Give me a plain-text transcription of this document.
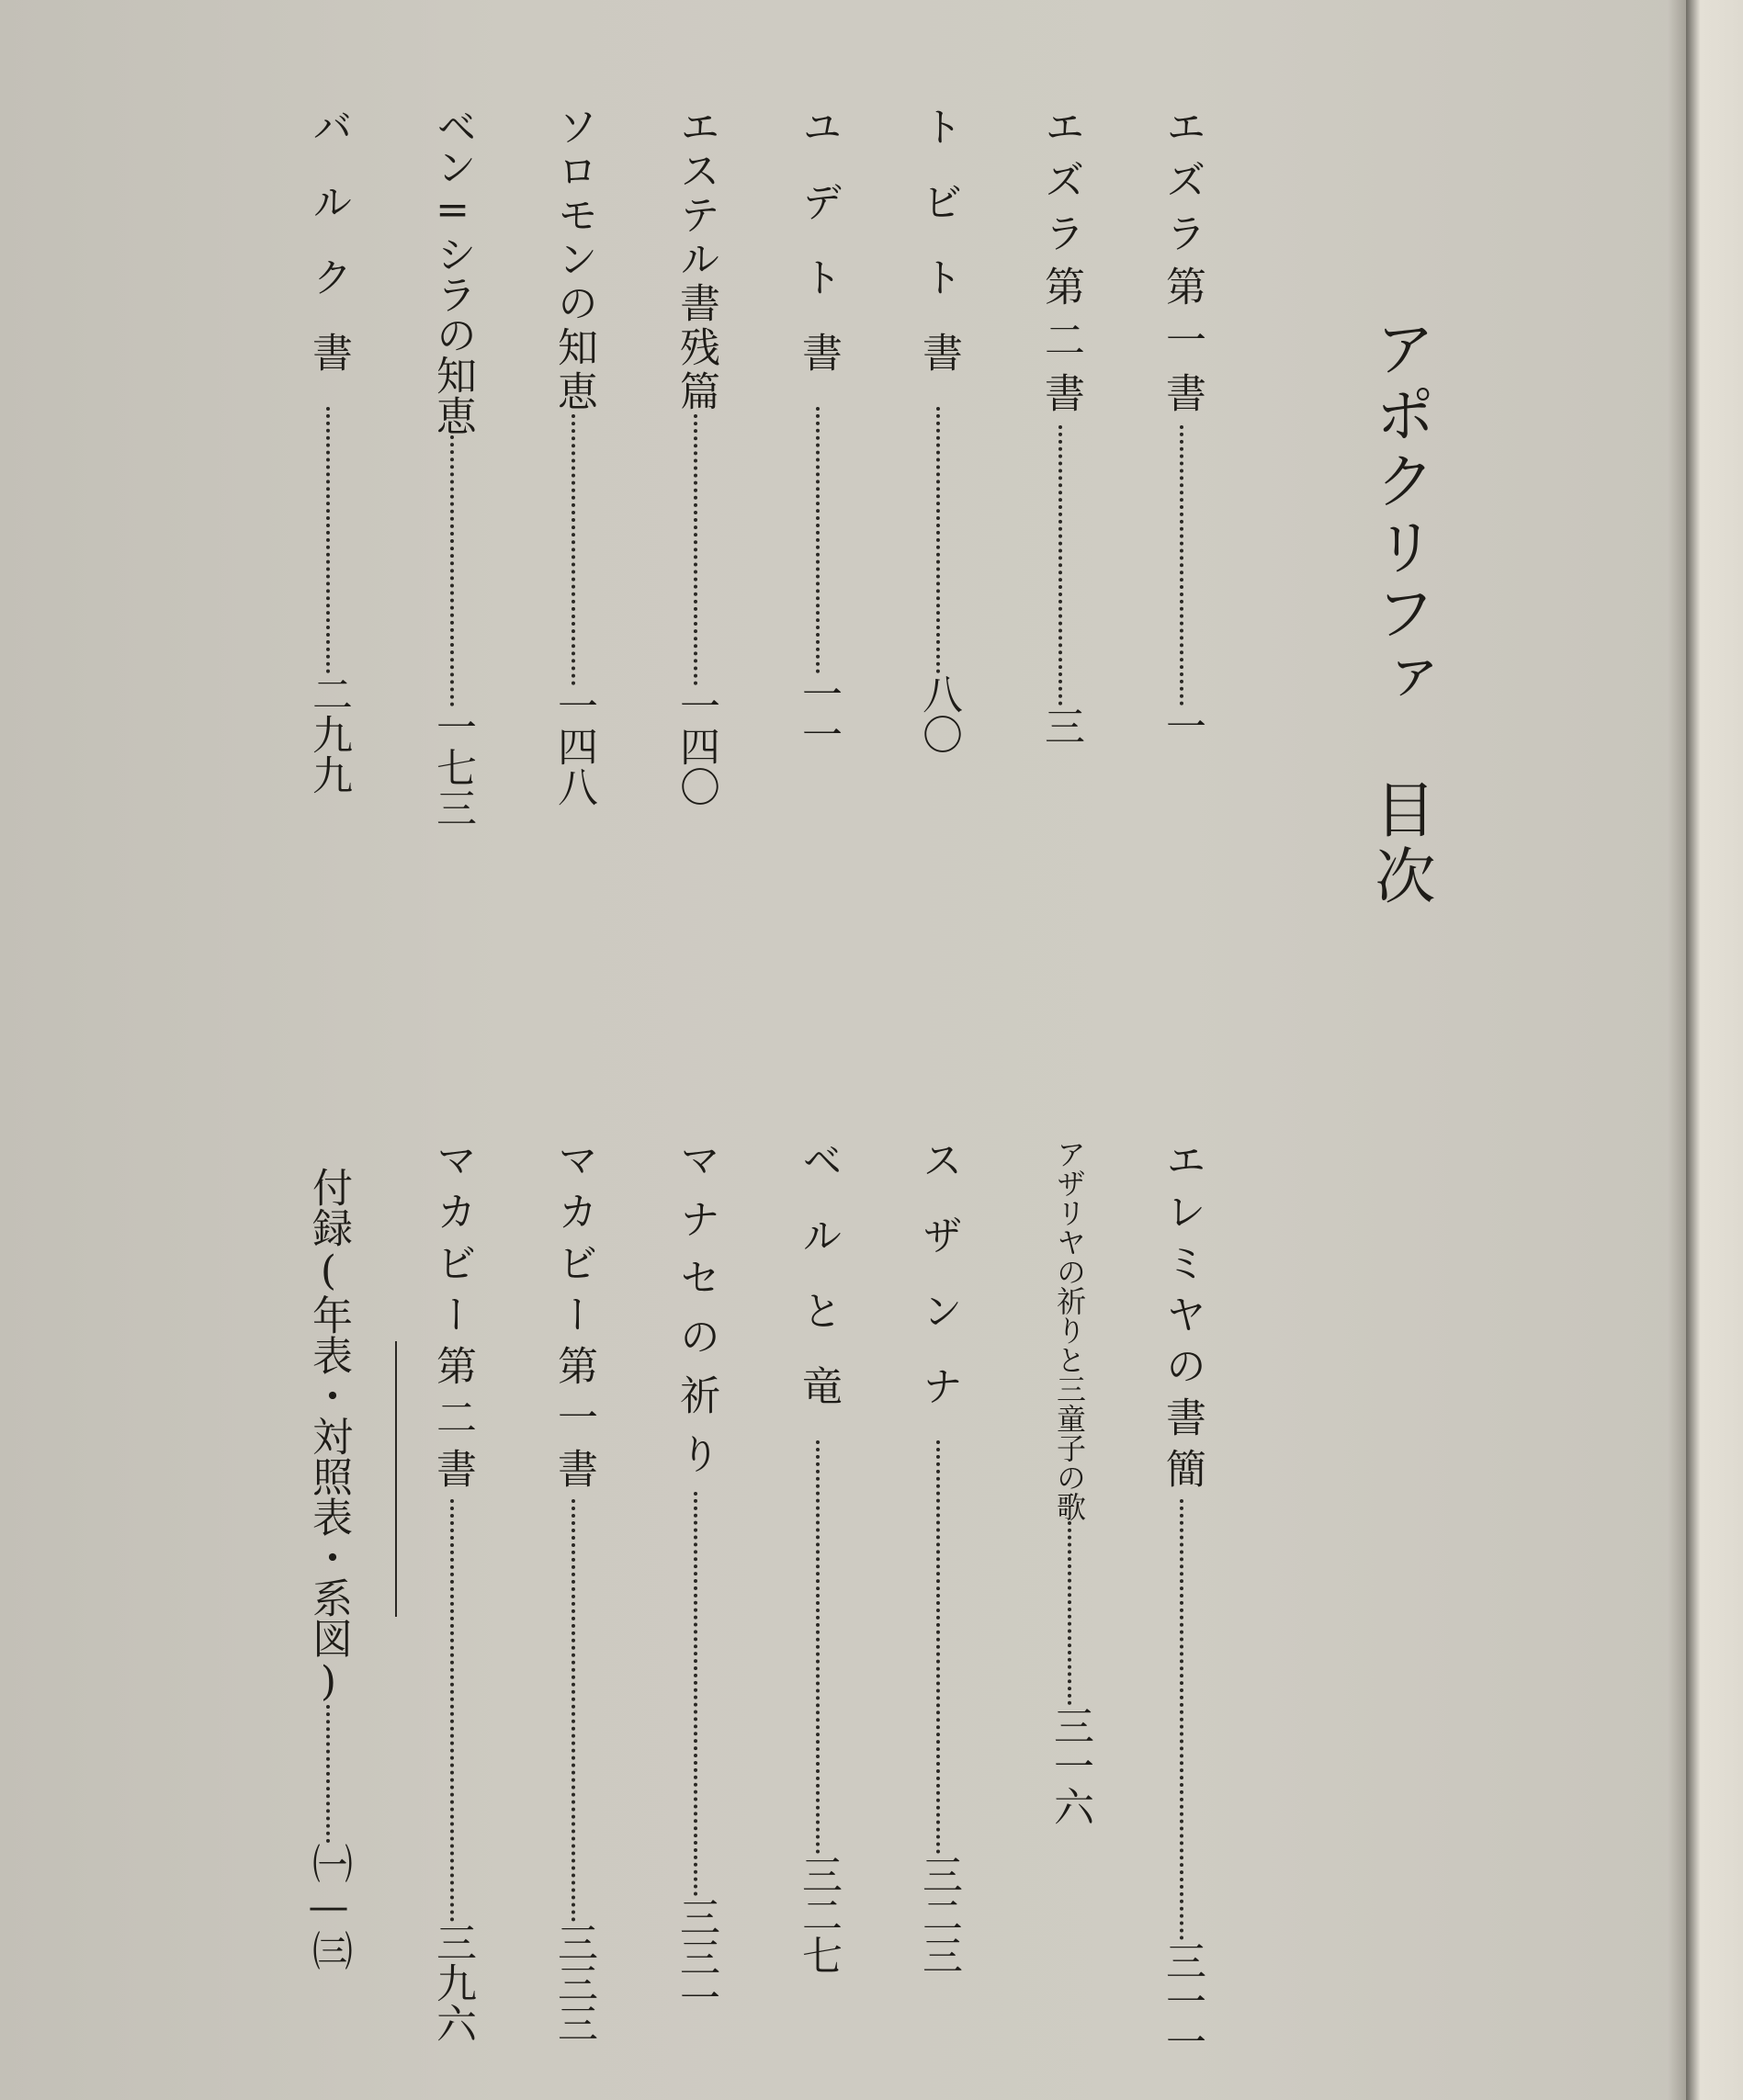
アポクリファ目次
エズラ第一書一
エズラ第二書三
トビト書八〇
ユデト書一一
エステル書残篇一四〇
ソロモンの知恵一四八
ベン=シラの知恵一七三
バルク書二九九
エレミヤの書簡三一一
アザリヤの祈りと三童子の歌三一六
スザンナ三二三
ベルと竜三二七
マナセの祈り三三一
マカビー第一書三三三
マカビー第二書三九六
付録(年表・対照表・系図)㈠—㈢
